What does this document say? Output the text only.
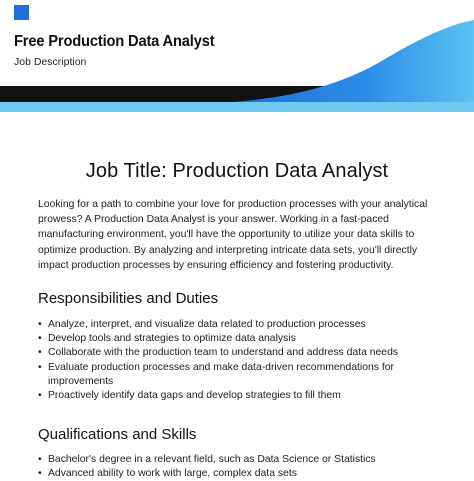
Free Production Data Analyst
Job Description
Job Title: Production Data Analyst

Looking for a path to combine your love for production processes with your analytical prowess? A Production Data Analyst is your answer. Working in a fast-paced manufacturing environment, you'll have the opportunity to utilize your data skills to optimize production. By analyzing and interpreting intricate data sets, you'll directly impact production processes by ensuring efficiency and fostering productivity.

Responsibilities and Duties
• Analyze, interpret, and visualize data related to production processes
• Develop tools and strategies to optimize data analysis
• Collaborate with the production team to understand and address data needs
• Evaluate production processes and make data-driven recommendations for improvements
• Proactively identify data gaps and develop strategies to fill them
Qualifications and Skills
• Bachelor's degree in a relevant field, such as Data Science or Statistics
• Advanced ability to work with large, complex data sets
